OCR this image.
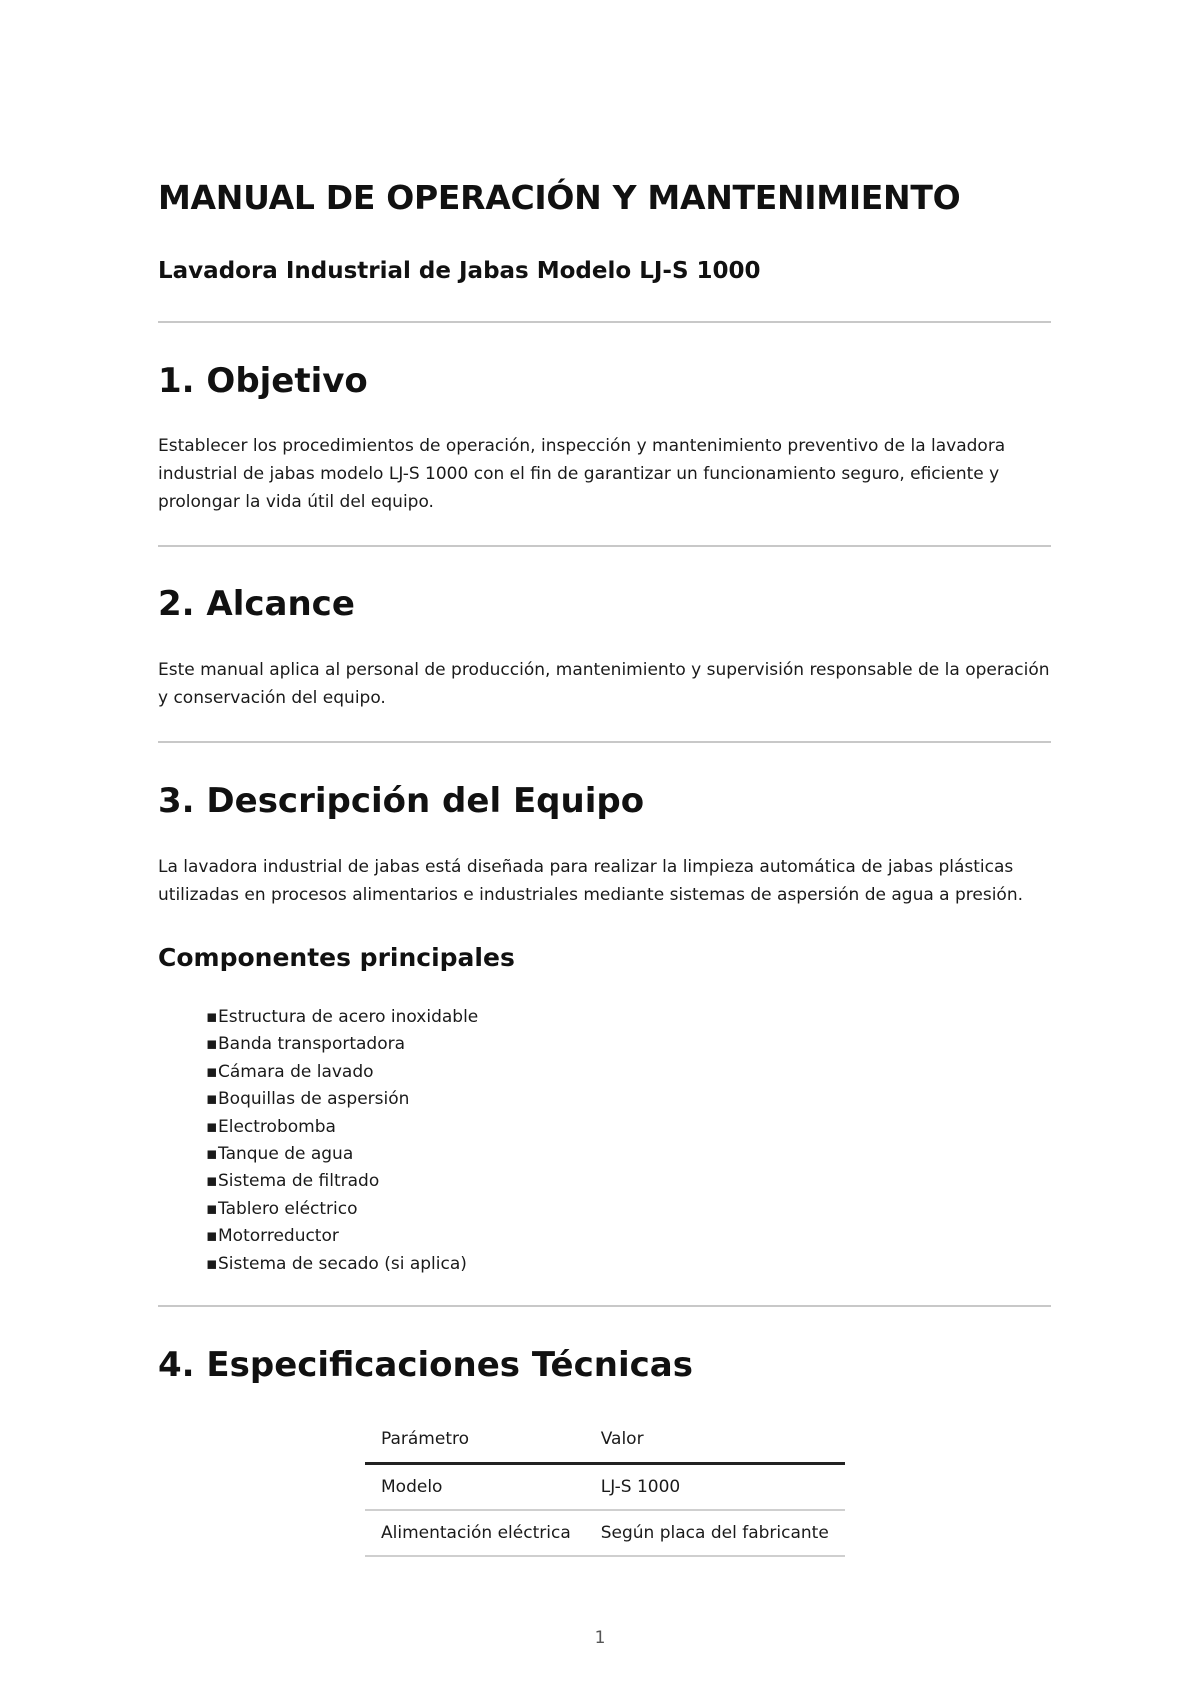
MANUAL DE OPERACIÓN Y MANTENIMIENTO
Lavadora Industrial de Jabas Modelo LJ-S 1000
1. Objetivo

Establecer los procedimientos de operación, inspección y mantenimiento preventivo de la lavadora industrial de jabas modelo LJ-S 1000 con el fin de garantizar un funcionamiento seguro, eficiente y prolongar la vida útil del equipo.

2. Alcance

Este manual aplica al personal de producción, mantenimiento y supervisión responsable de la operación y conservación del equipo.

3. Descripción del Equipo

La lavadora industrial de jabas está diseñada para realizar la limpieza automática de jabas plásticas utilizadas en procesos alimentarios e industriales mediante sistemas de aspersión de agua a presión.

Componentes principales
▪Estructura de acero inoxidable
▪Banda transportadora
▪Cámara de lavado
▪Boquillas de aspersión
▪Electrobomba
▪Tanque de agua
▪Sistema de filtrado
▪Tablero eléctrico
▪Motorreductor
▪Sistema de secado (si aplica)
4. Especificaciones Técnicas
Parámetro	Valor
Modelo	LJ-S 1000
Alimentación eléctrica	Según placa del fabricante
1
